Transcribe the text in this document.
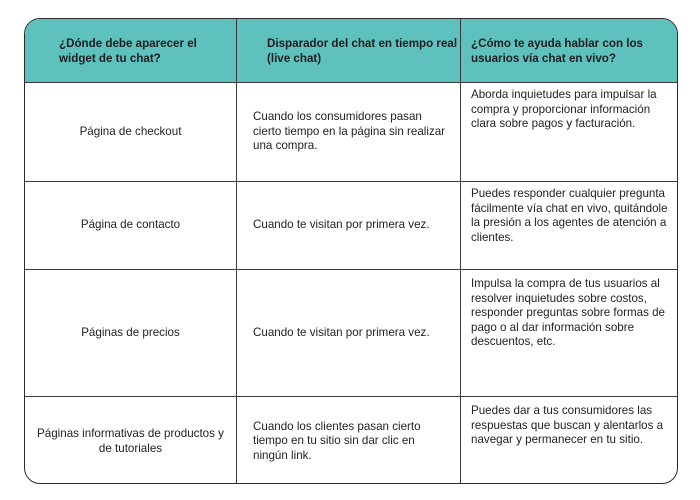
¿Dónde debe aparecer el widget de tu chat?
Disparador del chat en tiempo real (live chat)
¿Cómo te ayuda hablar con los usuarios vía chat en vivo?
Página de checkout
Cuando los consumidores pasan cierto tiempo en la página sin realizar una compra.
Aborda inquietudes para impulsar la compra y proporcionar información clara sobre pagos y facturación.
Página de contacto	Cuando te visitan por primera vez.
Puedes responder cualquier pregunta fácilmente vía chat en vivo, quitándole la presión a los agentes de atención a clientes.
Páginas de precios	Cuando te visitan por primera vez.
Impulsa la compra de tus usuarios al resolver inquietudes sobre costos, responder preguntas sobre formas de pago o al dar información sobre descuentos, etc.
Páginas informativas de productos y de tutoriales
Cuando los clientes pasan cierto tiempo en tu sitio sin dar clic en ningún link.
Puedes dar a tus consumidores las respuestas que buscan y alentarlos a navegar y permanecer en tu sitio.
